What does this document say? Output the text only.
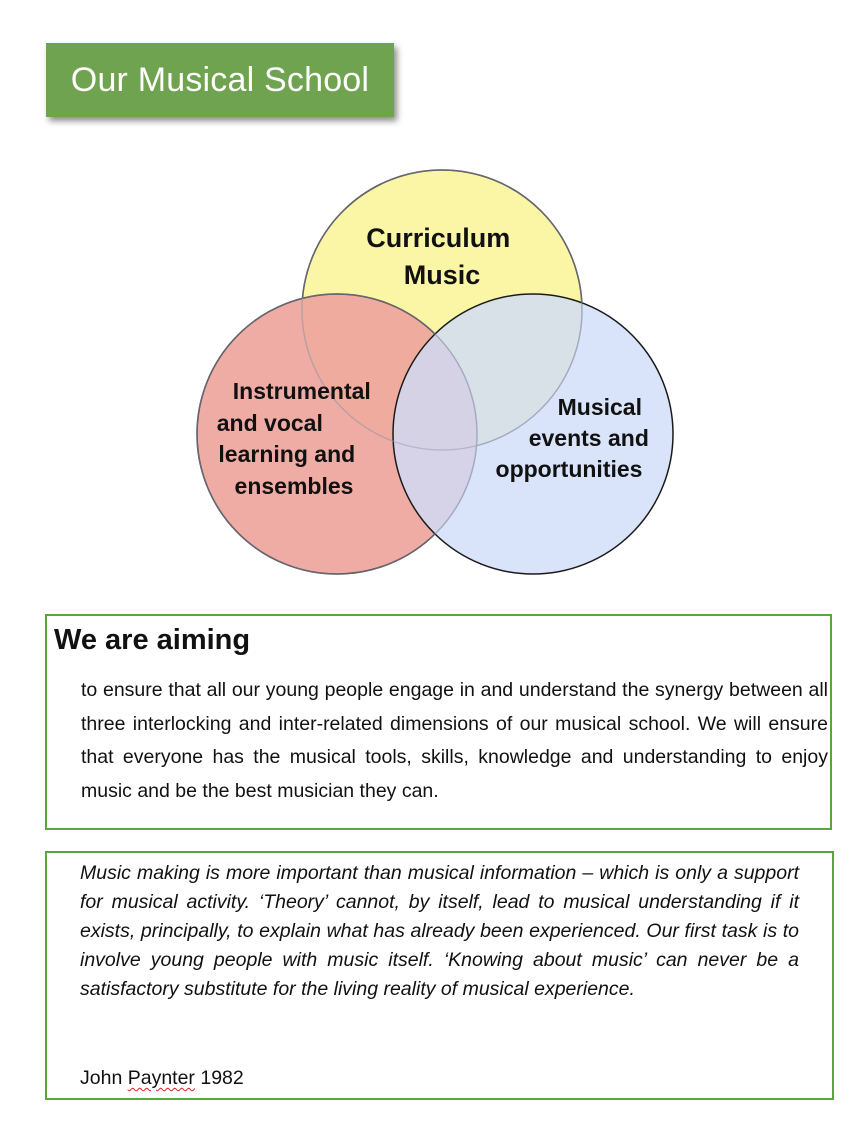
Our Musical School
Curriculum Music
Instrumental and vocal learning and ensembles
Musical events and opportunities
We are aiming

to ensure that all our young people engage in and understand the synergy between all three interlocking and inter-related dimensions of our musical school. We will ensure that everyone has the musical tools, skills, knowledge and understanding to enjoy music and be the best musician they can.

Music making is more important than musical information – which is only a support for musical activity. ‘Theory’ cannot, by itself, lead to musical understanding if it exists, principally, to explain what has already been experienced. Our first task is to involve young people with music itself. ‘Knowing about music’ can never be a satisfactory substitute for the living reality of musical experience.

John Paynter 1982
